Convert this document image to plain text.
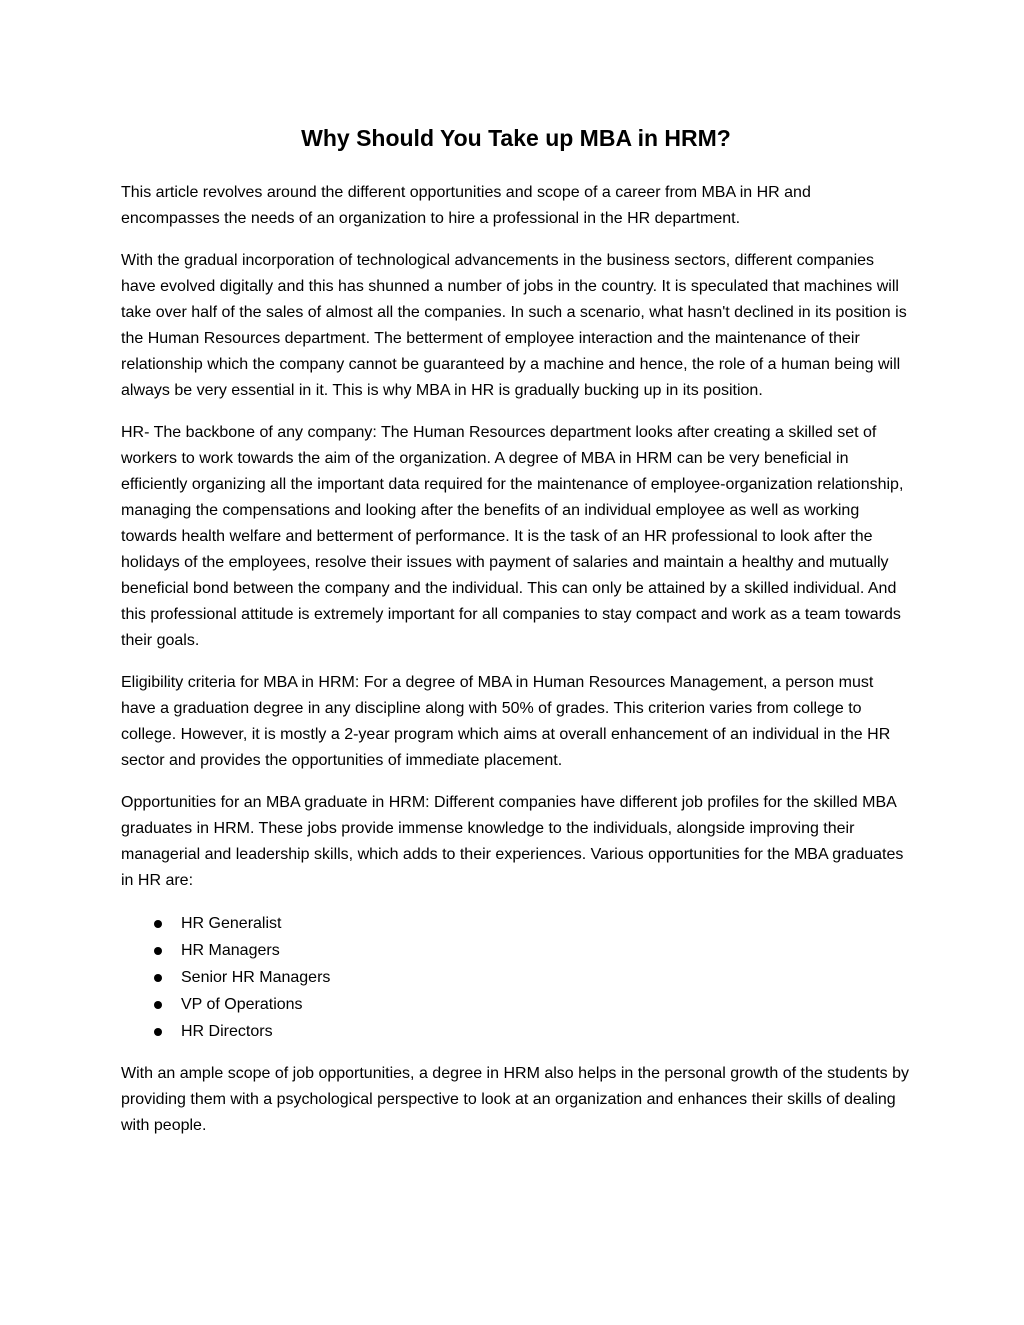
Why Should You Take up MBA in HRM?

This article revolves around the different opportunities and scope of a career from MBA in HR and encompasses the needs of an organization to hire a professional in the HR department.

With the gradual incorporation of technological advancements in the business sectors, different companies have evolved digitally and this has shunned a number of jobs in the country. It is speculated that machines will take over half of the sales of almost all the companies. In such a scenario, what hasn't declined in its position is the Human Resources department. The betterment of employee interaction and the maintenance of their relationship which the company cannot be guaranteed by a machine and hence, the role of a human being will always be very essential in it. This is why MBA in HR is gradually bucking up in its position.

HR- The backbone of any company: The Human Resources department looks after creating a skilled set of workers to work towards the aim of the organization. A degree of MBA in HRM can be very beneficial in efficiently organizing all the important data required for the maintenance of employee-organization relationship, managing the compensations and looking after the benefits of an individual employee as well as working towards health welfare and betterment of performance. It is the task of an HR professional to look after the holidays of the employees, resolve their issues with payment of salaries and maintain a healthy and mutually beneficial bond between the company and the individual. This can only be attained by a skilled individual. And this professional attitude is extremely important for all companies to stay compact and work as a team towards their goals.

Eligibility criteria for MBA in HRM: For a degree of MBA in Human Resources Management, a person must have a graduation degree in any discipline along with 50% of grades. This criterion varies from college to college. However, it is mostly a 2-year program which aims at overall enhancement of an individual in the HR sector and provides the opportunities of immediate placement.

Opportunities for an MBA graduate in HRM: Different companies have different job profiles for the skilled MBA graduates in HRM. These jobs provide immense knowledge to the individuals, alongside improving their managerial and leadership skills, which adds to their experiences. Various opportunities for the MBA graduates in HR are:

HR Generalist
HR Managers
Senior HR Managers
VP of Operations
HR Directors

With an ample scope of job opportunities, a degree in HRM also helps in the personal growth of the students by providing them with a psychological perspective to look at an organization and enhances their skills of dealing with people.
